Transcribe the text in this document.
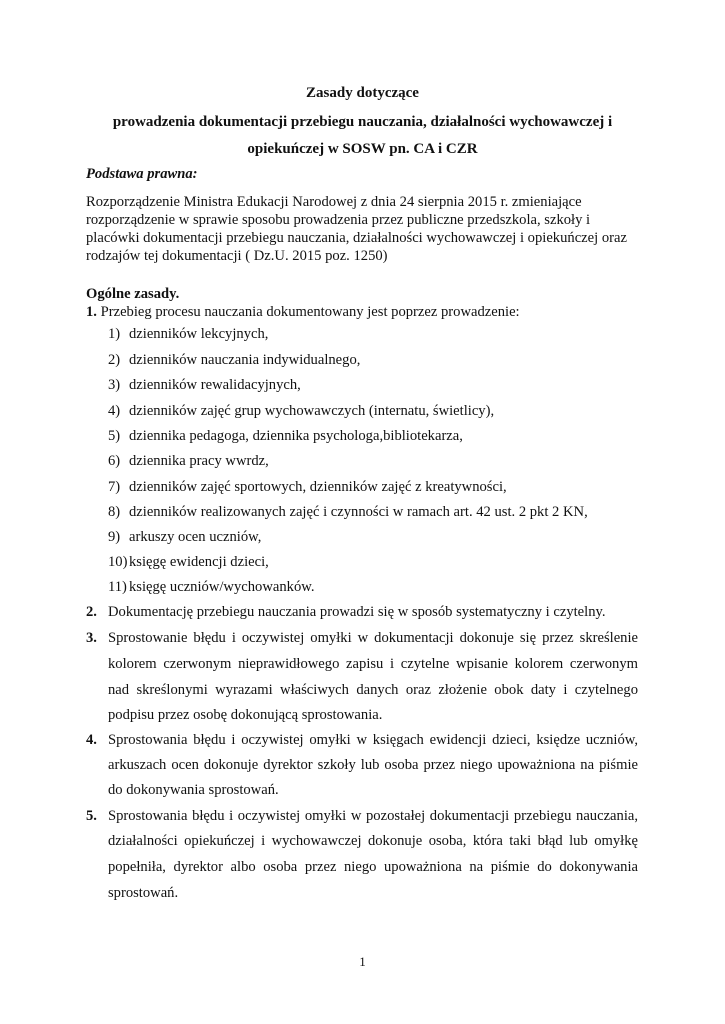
Zasady dotyczące
prowadzenia dokumentacji przebiegu nauczania, działalności wychowawczej i
opiekuńczej w SOSW pn. CA i CZR
Podstawa prawna:
Rozporządzenie Ministra Edukacji Narodowej z dnia 24 sierpnia 2015 r. zmieniające
rozporządzenie w sprawie sposobu prowadzenia przez publiczne przedszkola, szkoły i
placówki dokumentacji przebiegu nauczania, działalności wychowawczej i opiekuńczej oraz
rodzajów tej dokumentacji ( Dz.U. 2015 poz. 1250)
Ogólne zasady.
1. Przebieg procesu nauczania dokumentowany jest poprzez prowadzenie:
1) dzienników lekcyjnych,
2) dzienników nauczania indywidualnego,
3) dzienników rewalidacyjnych,
4) dzienników zajęć grup wychowawczych (internatu, świetlicy),
5) dziennika pedagoga, dziennika psychologa,bibliotekarza,
6) dziennika pracy wwrdz,
7) dzienników zajęć sportowych, dzienników zajęć z kreatywności,
8) dzienników realizowanych zajęć i czynności w ramach art. 42 ust. 2 pkt 2 KN,
9) arkuszy ocen uczniów,
10) księgę ewidencji dzieci,
11) księgę uczniów/wychowanków.
2. Dokumentację przebiegu nauczania prowadzi się w sposób systematyczny i czytelny.
3. Sprostowanie błędu i oczywistej omyłki w dokumentacji dokonuje się przez skreślenie
kolorem czerwonym nieprawidłowego zapisu i czytelne wpisanie kolorem czerwonym
nad skreślonymi wyrazami właściwych danych oraz złożenie obok daty i czytelnego
podpisu przez osobę dokonującą sprostowania.
4. Sprostowania błędu i oczywistej omyłki w księgach ewidencji dzieci, księdze uczniów,
arkuszach ocen dokonuje dyrektor szkoły lub osoba przez niego upoważniona na piśmie
do dokonywania sprostowań.
5. Sprostowania błędu i oczywistej omyłki w pozostałej dokumentacji przebiegu nauczania,
działalności opiekuńczej i wychowawczej dokonuje osoba, która taki błąd lub omyłkę
popełniła, dyrektor albo osoba przez niego upoważniona na piśmie do dokonywania
sprostowań.
1
